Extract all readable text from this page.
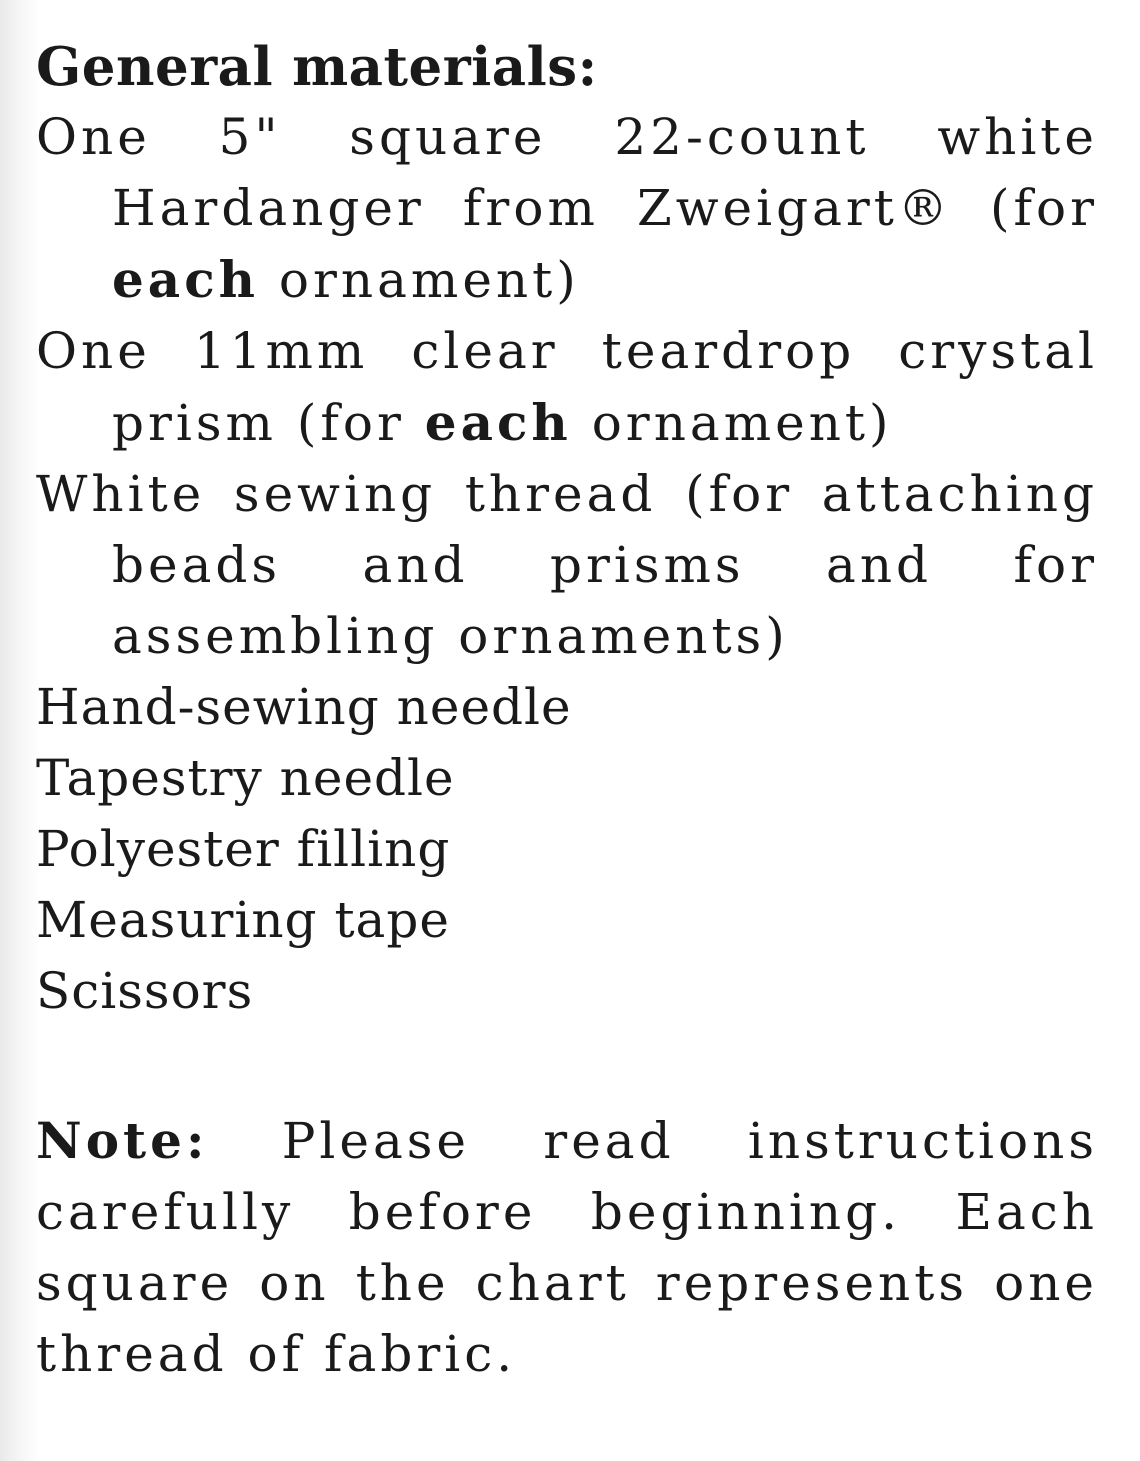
General materials:
One 5" square 22-count white Hardanger from Zweigart® (for each ornament)
One 11mm clear teardrop crystal prism (for each ornament)
White sewing thread (for attaching beads and prisms and for assembling ornaments)
Hand-sewing needle
Tapestry needle
Polyester filling
Measuring tape
Scissors

Note: Please read instructions carefully before beginning. Each square on the chart represents one thread of fabric.
